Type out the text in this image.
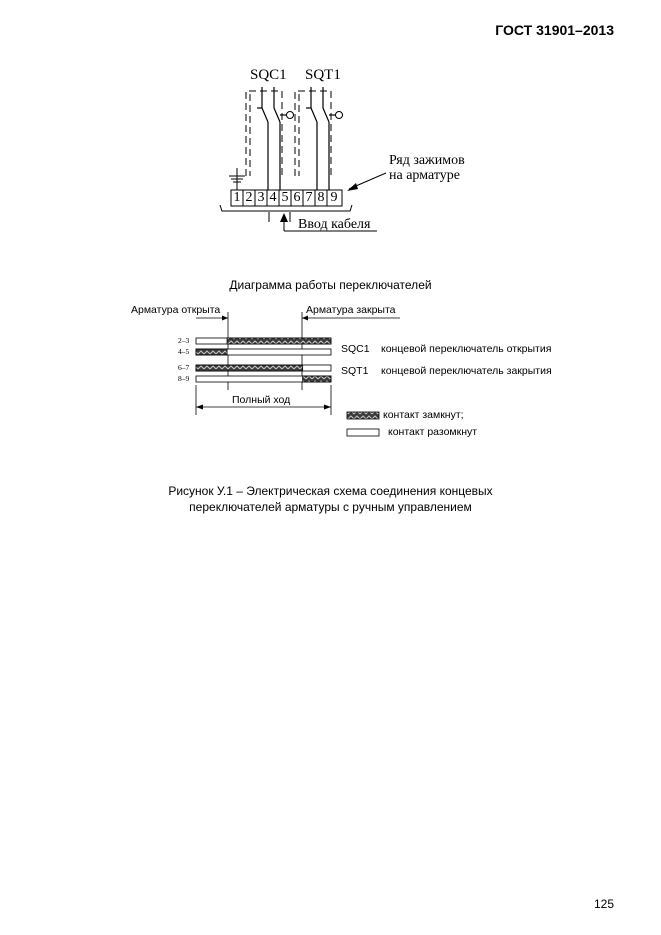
ГОСТ 31901–2013
SQC1 SQT1
1 2 3 4 5 6 7 8 9
Ряд зажимов
на арматуре
Ввод кабеля
Диаграмма работы переключателей
Арматура открыта	Арматура закрыта
2–3
4–5
6–7
8–9
SQC1 концевой переключатель открытия
SQT1 концевой переключатель закрытия
Полный ход
контакт замкнут;
контакт разомкнут
Рисунок У.1 – Электрическая схема соединения концевых
переключателей арматуры с ручным управлением
125
